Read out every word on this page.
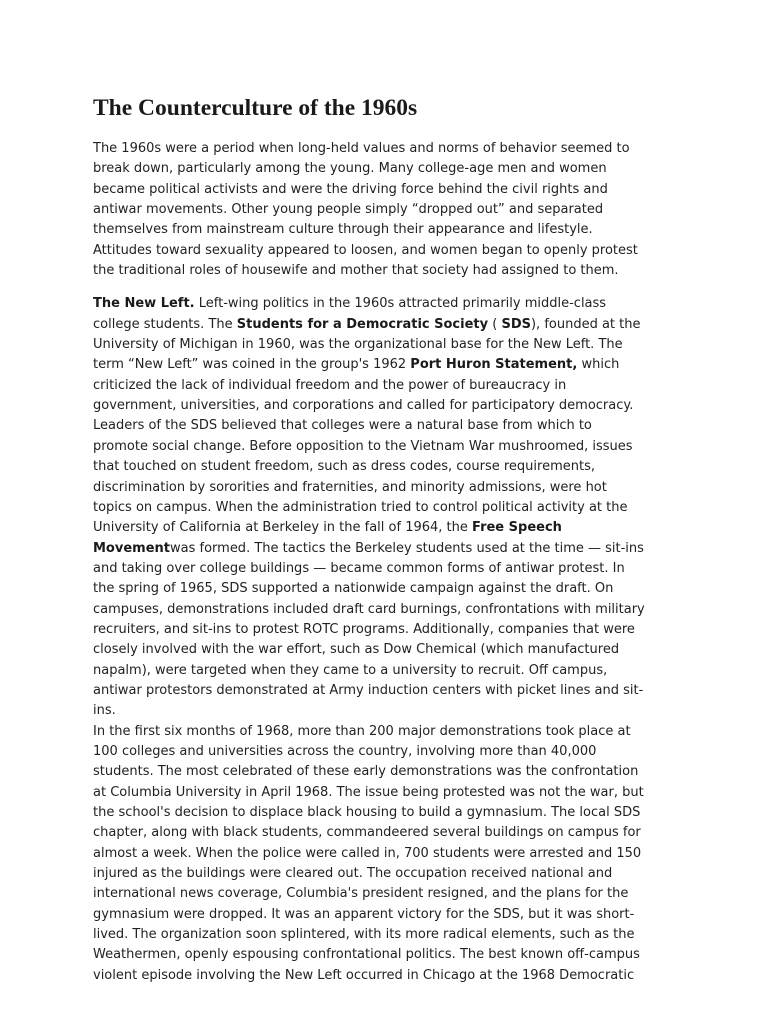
The Counterculture of the 1960s

The 1960s were a period when long-held values and norms of behavior seemed to
break down, particularly among the young. Many college-age men and women
became political activists and were the driving force behind the civil rights and
antiwar movements. Other young people simply “dropped out” and separated
themselves from mainstream culture through their appearance and lifestyle.
Attitudes toward sexuality appeared to loosen, and women began to openly protest
the traditional roles of housewife and mother that society had assigned to them.

The New Left. Left-wing politics in the 1960s attracted primarily middle-class
college students. The Students for a Democratic Society ( SDS), founded at the
University of Michigan in 1960, was the organizational base for the New Left. The
term “New Left” was coined in the group's 1962 Port Huron Statement, which
criticized the lack of individual freedom and the power of bureaucracy in
government, universities, and corporations and called for participatory democracy.
Leaders of the SDS believed that colleges were a natural base from which to
promote social change. Before opposition to the Vietnam War mushroomed, issues
that touched on student freedom, such as dress codes, course requirements,
discrimination by sororities and fraternities, and minority admissions, were hot
topics on campus. When the administration tried to control political activity at the
University of California at Berkeley in the fall of 1964, the Free Speech
Movementwas formed. The tactics the Berkeley students used at the time — sit-ins
and taking over college buildings — became common forms of antiwar protest. In
the spring of 1965, SDS supported a nationwide campaign against the draft. On
campuses, demonstrations included draft card burnings, confrontations with military
recruiters, and sit-ins to protest ROTC programs. Additionally, companies that were
closely involved with the war effort, such as Dow Chemical (which manufactured
napalm), were targeted when they came to a university to recruit. Off campus,
antiwar protestors demonstrated at Army induction centers with picket lines and sit-
ins.

In the first six months of 1968, more than 200 major demonstrations took place at
100 colleges and universities across the country, involving more than 40,000
students. The most celebrated of these early demonstrations was the confrontation
at Columbia University in April 1968. The issue being protested was not the war, but
the school's decision to displace black housing to build a gymnasium. The local SDS
chapter, along with black students, commandeered several buildings on campus for
almost a week. When the police were called in, 700 students were arrested and 150
injured as the buildings were cleared out. The occupation received national and
international news coverage, Columbia's president resigned, and the plans for the
gymnasium were dropped. It was an apparent victory for the SDS, but it was short-
lived. The organization soon splintered, with its more radical elements, such as the
Weathermen, openly espousing confrontational politics. The best known off-campus
violent episode involving the New Left occurred in Chicago at the 1968 Democratic
